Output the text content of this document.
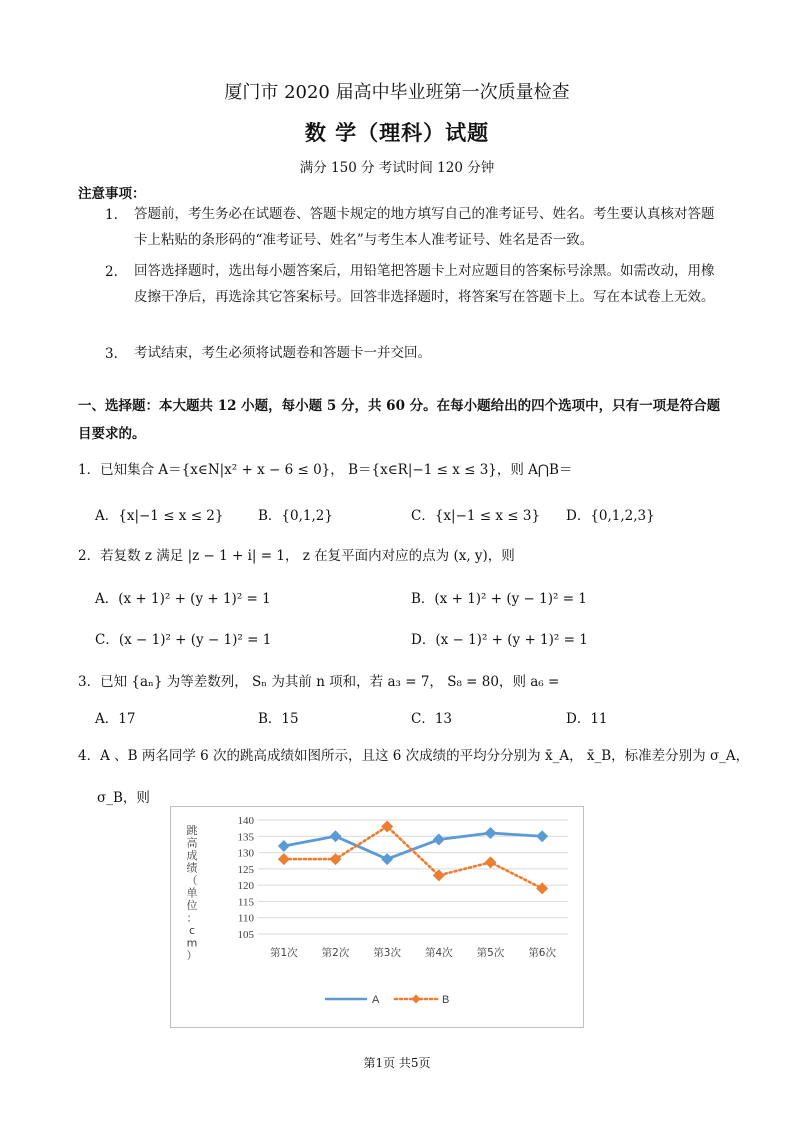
厦门市 2020 届高中毕业班第一次质量检查
数 学（理科）试题
满分 150 分 考试时间 120 分钟
注意事项：
1. 答题前，考生务必在试题卷、答题卡规定的地方填写自己的准考证号、姓名。考生要认真核对答题卡上粘贴的条形码的“准考证号、姓名”与考生本人准考证号、姓名是否一致。
2. 回答选择题时，选出每小题答案后，用铅笔把答题卡上对应题目的答案标号涂黑。如需改动，用橡皮擦干净后，再选涂其它答案标号。回答非选择题时，将答案写在答题卡上。写在本试卷上无效。
3. 考试结束，考生必须将试题卷和答题卡一并交回。
一、选择题：本大题共 12 小题，每小题 5 分，共 60 分。在每小题给出的四个选项中，只有一项是符合题目要求的。
1．已知集合 A＝{x∈N|x² + x − 6 ≤ 0}， B＝{x∈R|−1 ≤ x ≤ 3}，则 A⋂B＝
A．{x|−1 ≤ x ≤ 2}	B．{0,1,2}	C．{x|−1 ≤ x ≤ 3} D．{0,1,2,3}
2．若复数 z 满足 |z − 1 + i| = 1， z 在复平面内对应的点为 (x, y)，则
A．(x + 1)² + (y + 1)² = 1	B．(x + 1)² + (y − 1)² = 1
C．(x − 1)² + (y − 1)² = 1	D．(x − 1)² + (y + 1)² = 1
3．已知 {aₙ} 为等差数列， Sₙ 为其前 n 项和，若 a₃ = 7， S₈ = 80，则 a₆ =
A．17	B．15	C．13	D．11
4．A 、B 两名同学 6 次的跳高成绩如图所示，且这 6 次成绩的平均分分别为 x̄_A， x̄_B，标准差分别为 σ_A，
σ_B，则
跳高成绩（单位： c m ）
105
110
115
120
125
130
135
140
第1次 第2次 第3次 第4次 第5次 第6次
A	B
第1页 共5页
